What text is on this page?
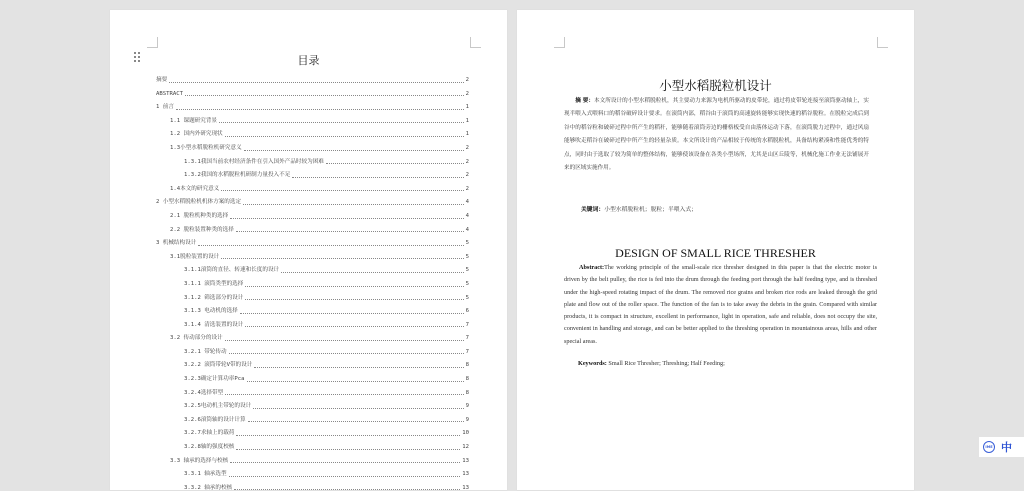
目录
摘要	2
ABSTRACT	2
1 前言	1
1.1 课题研究背景	1
1.2 国内外研究现状	1
1.3小型水稻脱粒机研究意义	2
1.3.1我国当前农村经济条件在引入国外产品时较为困难	2
1.3.2我国的水稻脱粒机研制力量投入不足	2
1.4本文的研究意义	2
2 小型水稻脱粒机机体方案的选定	4
2.1 脱粒机种类的选择	4
2.2 脱粒装置种类的选择	4
3 机械结构设计	5
3.1脱粒装置的设计	5
3.1.1滚筒的直径、转速和长度的设计	5
3.1.1 滚筒类型的选择	5
3.1.2 筛选部分的设计	5
3.1.3 电动机的选择	6
3.1.4 清选装置的设计	7
3.2 传动部分的设计	7
3.2.1 带轮传动	7
3.2.2 滚筒带轮V带的设计	8
3.2.3确定计算功率Pca	8
3.2.4选择带型	8
3.2.5电动机主带轮的设计	9
3.2.6滚筒轴的设计计算	9
3.2.7求轴上的载荷	10
3.2.8轴的强度校核	12
3.3 轴承的选择与校核	13
3.3.1 轴承选型	13
3.3.2 轴承的校核	13
小型水稻脱粒机设计
  摘 要：本文所设计的小型水稻脱粒机，其主要动力来源为电机所驱动的皮带轮，通过将皮带轮连接至滚筒驱动轴上，实现半喂入式喂料口的稻谷破碎设计要求。在滚筒内部，稻谷由于滚筒的高速旋转能够实现快速的稻谷脱粒。在脱粒完成后到谷中的稻谷粒和破碎过程中所产生的稻秆，能够随着滚筒旁边的栅格板受自由落体运动下落，在滚筒脱力过程中，通过风扇能够吹走稻谷在破碎过程中所产生的轻量杂质。本文所设计的产品相较于传统的水稻脱粒机，具备结构紧凑和性能优秀的特点，同时由于选取了较为简单的整体结构，能够使该设备在各类小型场所，尤其是山区丘陵等，机械化施工作业无法铺展开来的区域实施作用。
关键词：小型水稻脱粒机；脱粒；半喂入式；
DESIGN OF SMALL RICE THRESHER
Abstract:The working principle of the small-scale rice thresher designed in this paper is that the electric motor is driven by the belt pulley, the rice is fed into the drum through the feeding port through the half feeding type, and is threshed under the high-speed rotating impact of the drum. The removed rice grains and broken rice rods are leaked through the grid plate and flow out of the roller space. The function of the fan is to take away the debris in the grain. Compared with similar products, it is compact in structure, excellent in performance, light in operation, safe and reliable, does not occupy the site, convenient in handling and storage, and can be better applied to the threshing operation in mountainous areas, hills and other special areas.
Keywords: Small Rice Thresher; Threshing; Half Feeding;
IME 中
